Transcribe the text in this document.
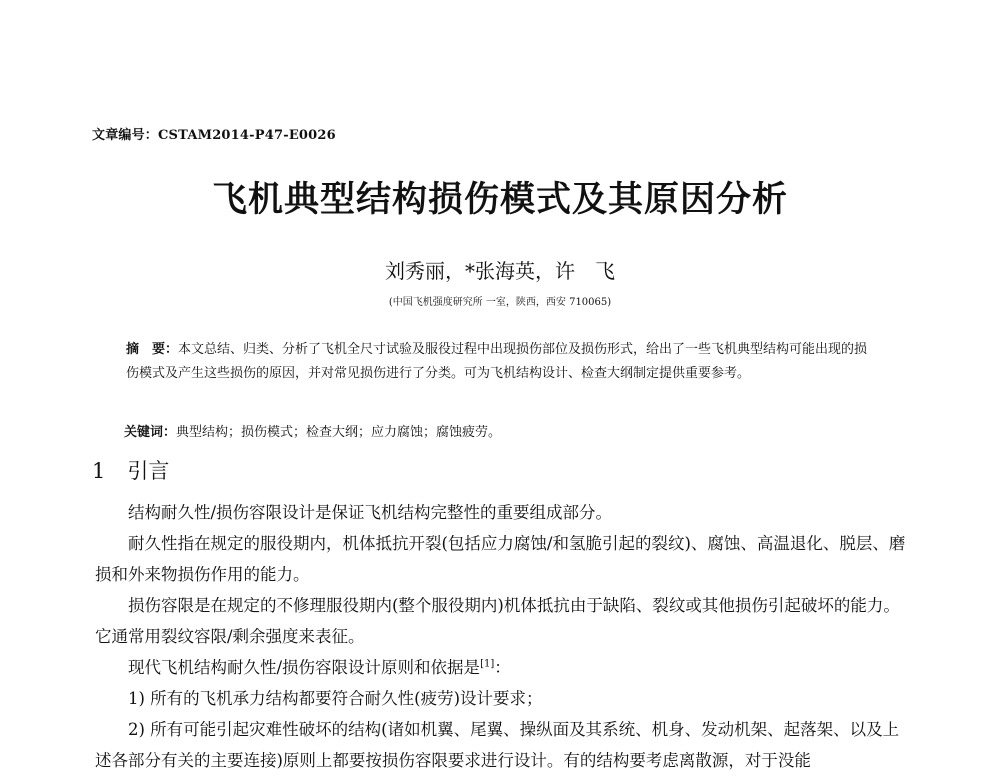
文章编号：CSTAM2014-P47-E0026
飞机典型结构损伤模式及其原因分析
刘秀丽，*张海英，许　飞
(中国飞机强度研究所 一室，陕西，西安 710065)
摘　要：本文总结、归类、分析了飞机全尺寸试验及服役过程中出现损伤部位及损伤形式，给出了一些飞机典型结构可能出现的损伤模式及产生这些损伤的原因，并对常见损伤进行了分类。可为飞机结构设计、检查大纲制定提供重要参考。
关键词：典型结构；损伤模式；检查大纲；应力腐蚀；腐蚀疲劳。
1 引言

结构耐久性/损伤容限设计是保证飞机结构完整性的重要组成部分。

耐久性指在规定的服役期内，机体抵抗开裂(包括应力腐蚀/和氢脆引起的裂纹)、腐蚀、高温退化、脱层、磨损和外来物损伤作用的能力。

损伤容限是在规定的不修理服役期内(整个服役期内)机体抵抗由于缺陷、裂纹或其他损伤引起破坏的能力。它通常用裂纹容限/剩余强度来表征。

现代飞机结构耐久性/损伤容限设计原则和依据是[1]：

1) 所有的飞机承力结构都要符合耐久性(疲劳)设计要求；

2) 所有可能引起灾难性破坏的结构(诸如机翼、尾翼、操纵面及其系统、机身、发动机架、起落架、以及上述各部分有关的主要连接)原则上都要按损伤容限要求进行设计。有的结构要考虑离散源，对于没能
